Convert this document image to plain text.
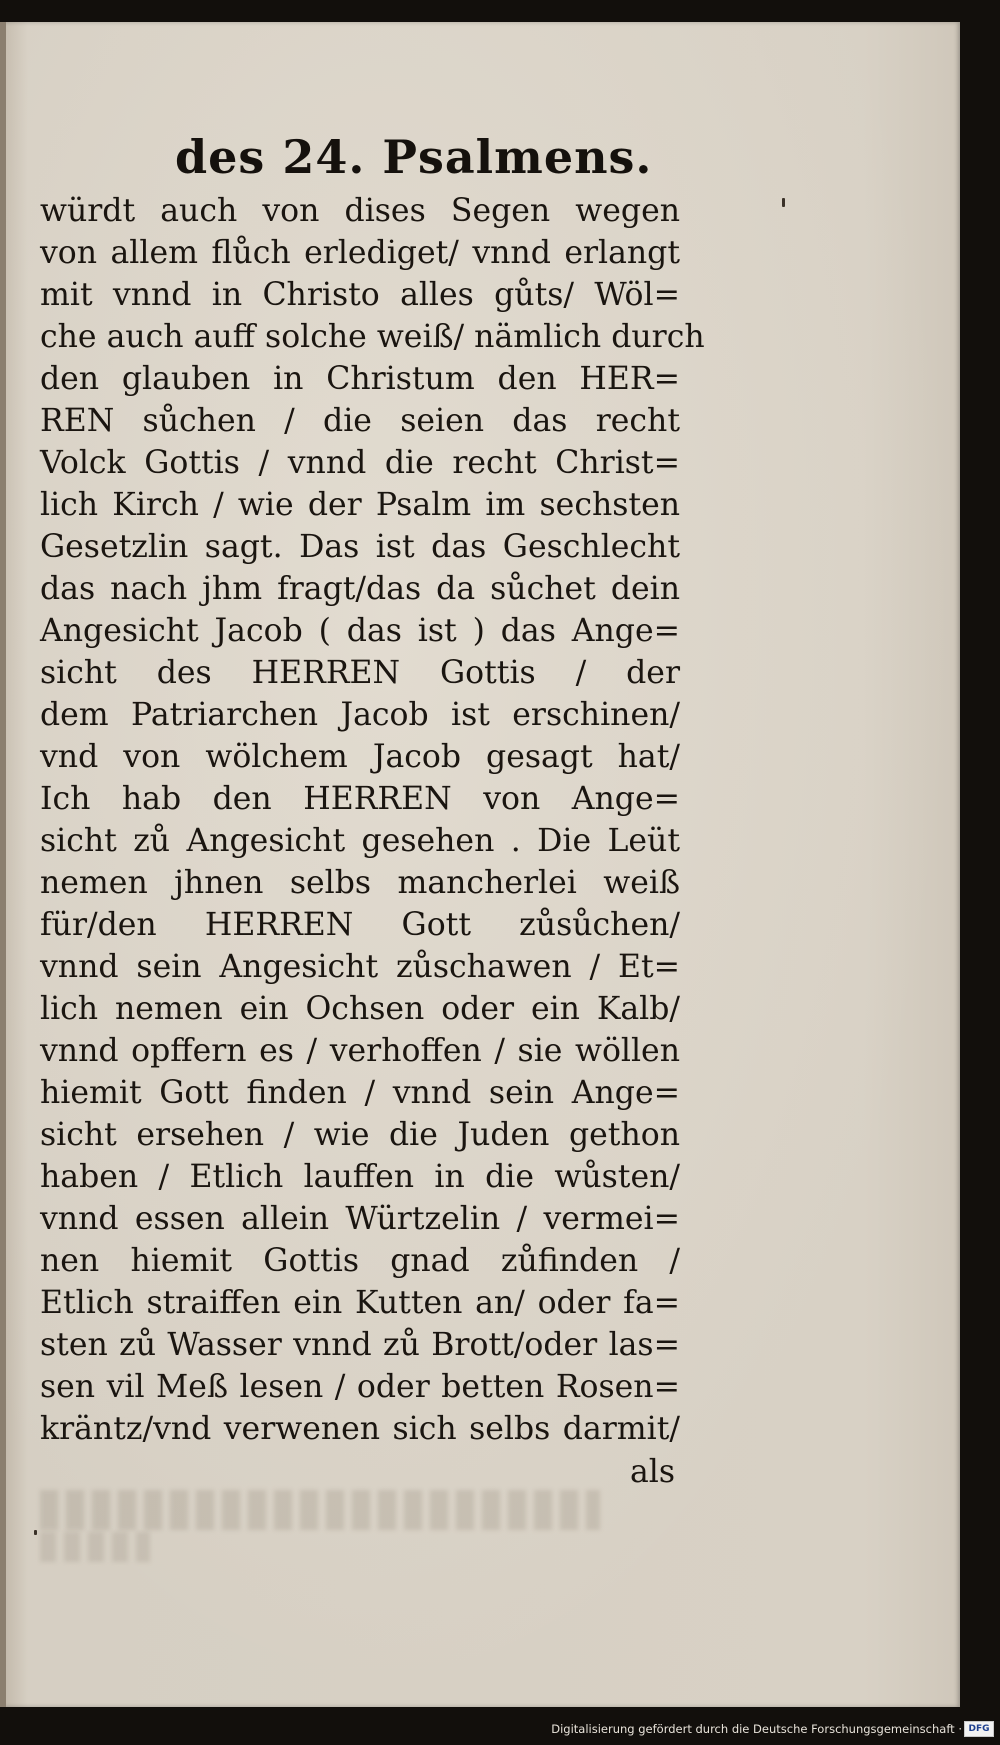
des 24. Psalmens.
würdt auch von dises Segen wegen
von allem flůch erlediget/ vnnd erlangt
mit vnnd in Christo alles gůts/ Wöl=
che auch auff solche weiß/ nämlich durch
den glauben in Christum den HER=
REN sůchen / die seien das recht
Volck Gottis / vnnd die recht Christ=
lich Kirch / wie der Psalm im sechsten
Gesetzlin sagt. Das ist das Geschlecht
das nach jhm fragt/das da sůchet dein
Angesicht Jacob ( das ist ) das Ange=
sicht des HERREN Gottis / der
dem Patriarchen Jacob ist erschinen/
vnd von wölchem Jacob gesagt hat/
Ich hab den HERREN von Ange=
sicht zů Angesicht gesehen . Die Leüt
nemen jhnen selbs mancherlei weiß
für/den HERREN Gott zůsůchen/
vnnd sein Angesicht zůschawen / Et=
lich nemen ein Ochsen oder ein Kalb/
vnnd opffern es / verhoffen / sie wöllen
hiemit Gott finden / vnnd sein Ange=
sicht ersehen / wie die Juden gethon
haben / Etlich lauffen in die wůsten/
vnnd essen allein Würtzelin / vermei=
nen hiemit Gottis gnad zůfinden /
Etlich straiffen ein Kutten an/ oder fa=
sten zů Wasser vnnd zů Brott/oder las=
sen vil Meß lesen / oder betten Rosen=
kräntz/vnd verwenen sich selbs darmit/
als
Digitalisierung gefördert durch die Deutsche Forschungsgemeinschaft · DFG
